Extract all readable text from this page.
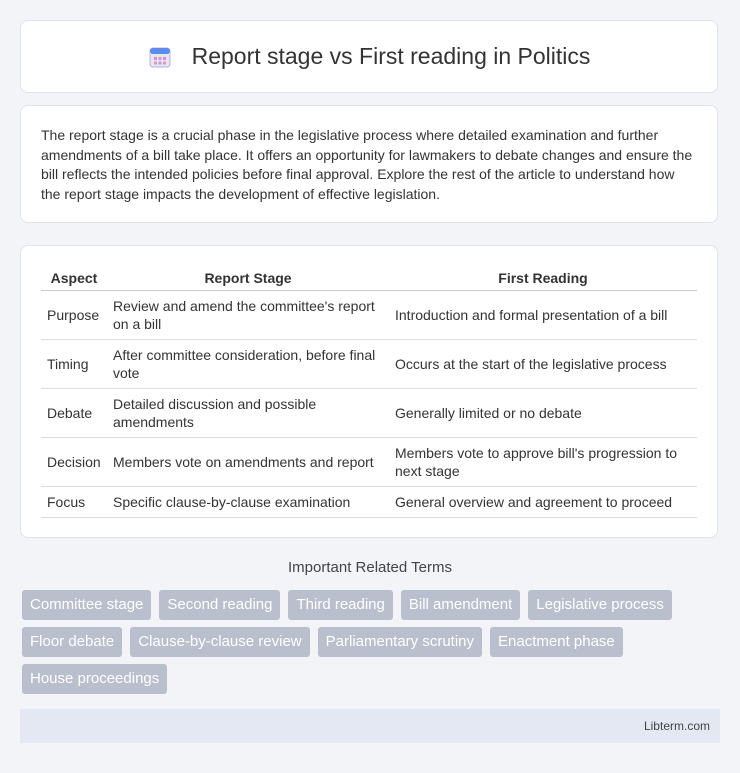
Report stage vs First reading in Politics

The report stage is a crucial phase in the legislative process where detailed examination and further amendments of a bill take place. It offers an opportunity for lawmakers to debate changes and ensure the bill reflects the intended policies before final approval. Explore the rest of the article to understand how the report stage impacts the development of effective legislation.

Aspect	Report Stage	First Reading
Purpose	Review and amend the committee's report on a bill	Introduction and formal presentation of a bill
Timing	After committee consideration, before final vote	Occurs at the start of the legislative process
Debate	Detailed discussion and possible amendments	Generally limited or no debate
Decision	Members vote on amendments and report	Members vote to approve bill's progression to next stage
Focus	Specific clause-by-clause examination	General overview and agreement to proceed
Important Related Terms
Committee stage	Second reading	Third reading	Bill amendment	Legislative process
Floor debate	Clause-by-clause review	Parliamentary scrutiny	Enactment phase
House proceedings
Libterm.com
